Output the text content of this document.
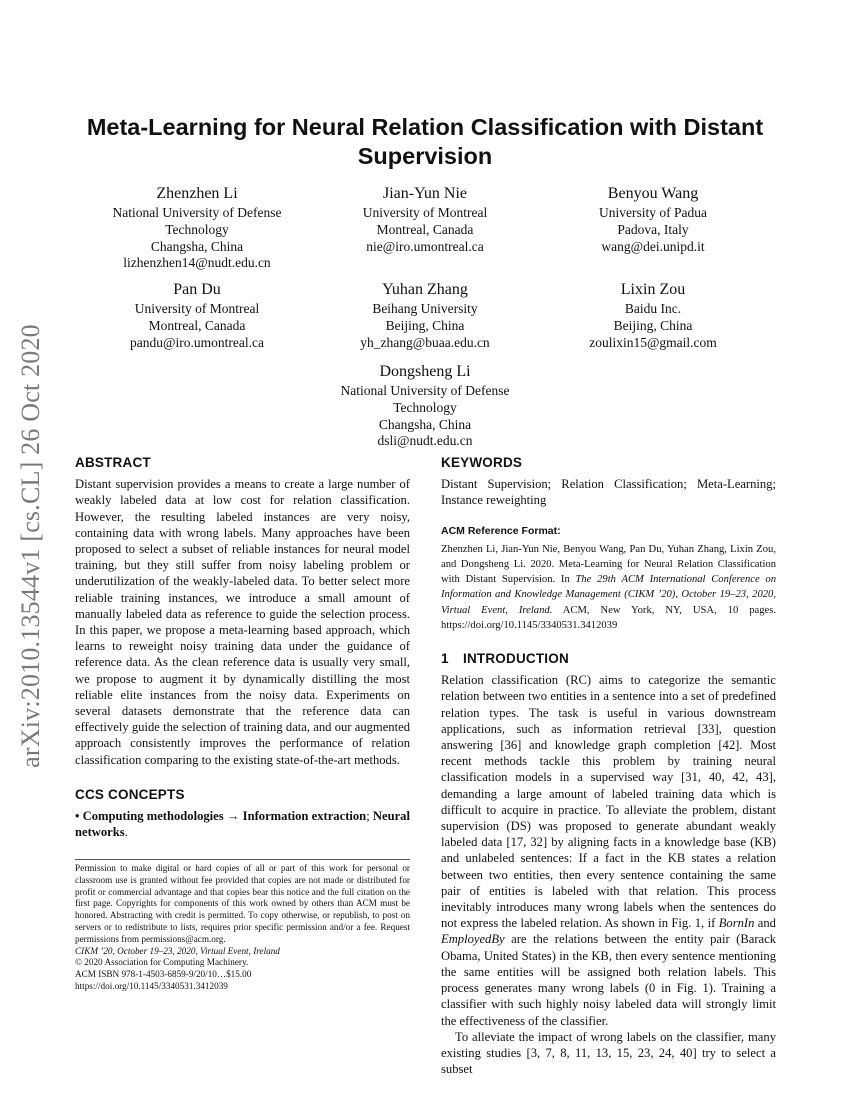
arXiv:2010.13544v1 [cs.CL] 26 Oct 2020
Meta-Learning for Neural Relation Classification with Distant Supervision
Zhenzhen Li
National University of Defense
Technology
Changsha, China
lizhenzhen14@nudt.edu.cn
Jian-Yun Nie
University of Montreal
Montreal, Canada
nie@iro.umontreal.ca
Benyou Wang
University of Padua
Padova, Italy
wang@dei.unipd.it
Pan Du
University of Montreal
Montreal, Canada
pandu@iro.umontreal.ca
Yuhan Zhang
Beihang University
Beijing, China
yh_zhang@buaa.edu.cn
Lixin Zou
Baidu Inc.
Beijing, China
zoulixin15@gmail.com
Dongsheng Li
National University of Defense
Technology
Changsha, China
dsli@nudt.edu.cn
ABSTRACT

Distant supervision provides a means to create a large number of weakly labeled data at low cost for relation classification. However, the resulting labeled instances are very noisy, containing data with wrong labels. Many approaches have been proposed to select a subset of reliable instances for neural model training, but they still suffer from noisy labeling problem or underutilization of the weakly-labeled data. To better select more reliable training instances, we introduce a small amount of manually labeled data as reference to guide the selection process. In this paper, we propose a meta-learning based approach, which learns to reweight noisy training data under the guidance of reference data. As the clean reference data is usually very small, we propose to augment it by dynamically distilling the most reliable elite instances from the noisy data. Experiments on several datasets demonstrate that the reference data can effectively guide the selection of training data, and our augmented approach consistently improves the performance of relation classification comparing to the existing state-of-the-art methods.

CCS CONCEPTS

• Computing methodologies → Information extraction; Neural networks.

Permission to make digital or hard copies of all or part of this work for personal or classroom use is granted without fee provided that copies are not made or distributed for profit or commercial advantage and that copies bear this notice and the full citation on the first page. Copyrights for components of this work owned by others than ACM must be honored. Abstracting with credit is permitted. To copy otherwise, or republish, to post on servers or to redistribute to lists, requires prior specific permission and/or a fee. Request permissions from permissions@acm.org.

CIKM ’20, October 19–23, 2020, Virtual Event, Ireland

© 2020 Association for Computing Machinery.

ACM ISBN 978-1-4503-6859-9/20/10…$15.00

https://doi.org/10.1145/3340531.3412039

KEYWORDS

Distant Supervision; Relation Classification; Meta-Learning; Instance reweighting

ACM Reference Format:

Zhenzhen Li, Jian-Yun Nie, Benyou Wang, Pan Du, Yuhan Zhang, Lixin Zou, and Dongsheng Li. 2020. Meta-Learning for Neural Relation Classification with Distant Supervision. In The 29th ACM International Conference on Information and Knowledge Management (CIKM ’20), October 19–23, 2020, Virtual Event, Ireland. ACM, New York, NY, USA, 10 pages. https://doi.org/10.1145/3340531.3412039

1 INTRODUCTION

Relation classification (RC) aims to categorize the semantic relation between two entities in a sentence into a set of predefined relation types. The task is useful in various downstream applications, such as information retrieval [33], question answering [36] and knowledge graph completion [42]. Most recent methods tackle this problem by training neural classification models in a supervised way [31, 40, 42, 43], demanding a large amount of labeled training data which is difficult to acquire in practice. To alleviate the problem, distant supervision (DS) was proposed to generate abundant weakly labeled data [17, 32] by aligning facts in a knowledge base (KB) and unlabeled sentences: If a fact in the KB states a relation between two entities, then every sentence containing the same pair of entities is labeled with that relation. This process inevitably introduces many wrong labels when the sentences do not express the labeled relation. As shown in Fig. 1, if BornIn and EmployedBy are the relations between the entity pair (Barack Obama, United States) in the KB, then every sentence mentioning the same entities will be assigned both relation labels. This process generates many wrong labels (0 in Fig. 1). Training a classifier with such highly noisy labeled data will strongly limit the effectiveness of the classifier.

To alleviate the impact of wrong labels on the classifier, many existing studies [3, 7, 8, 11, 13, 15, 23, 24, 40] try to select a subset
